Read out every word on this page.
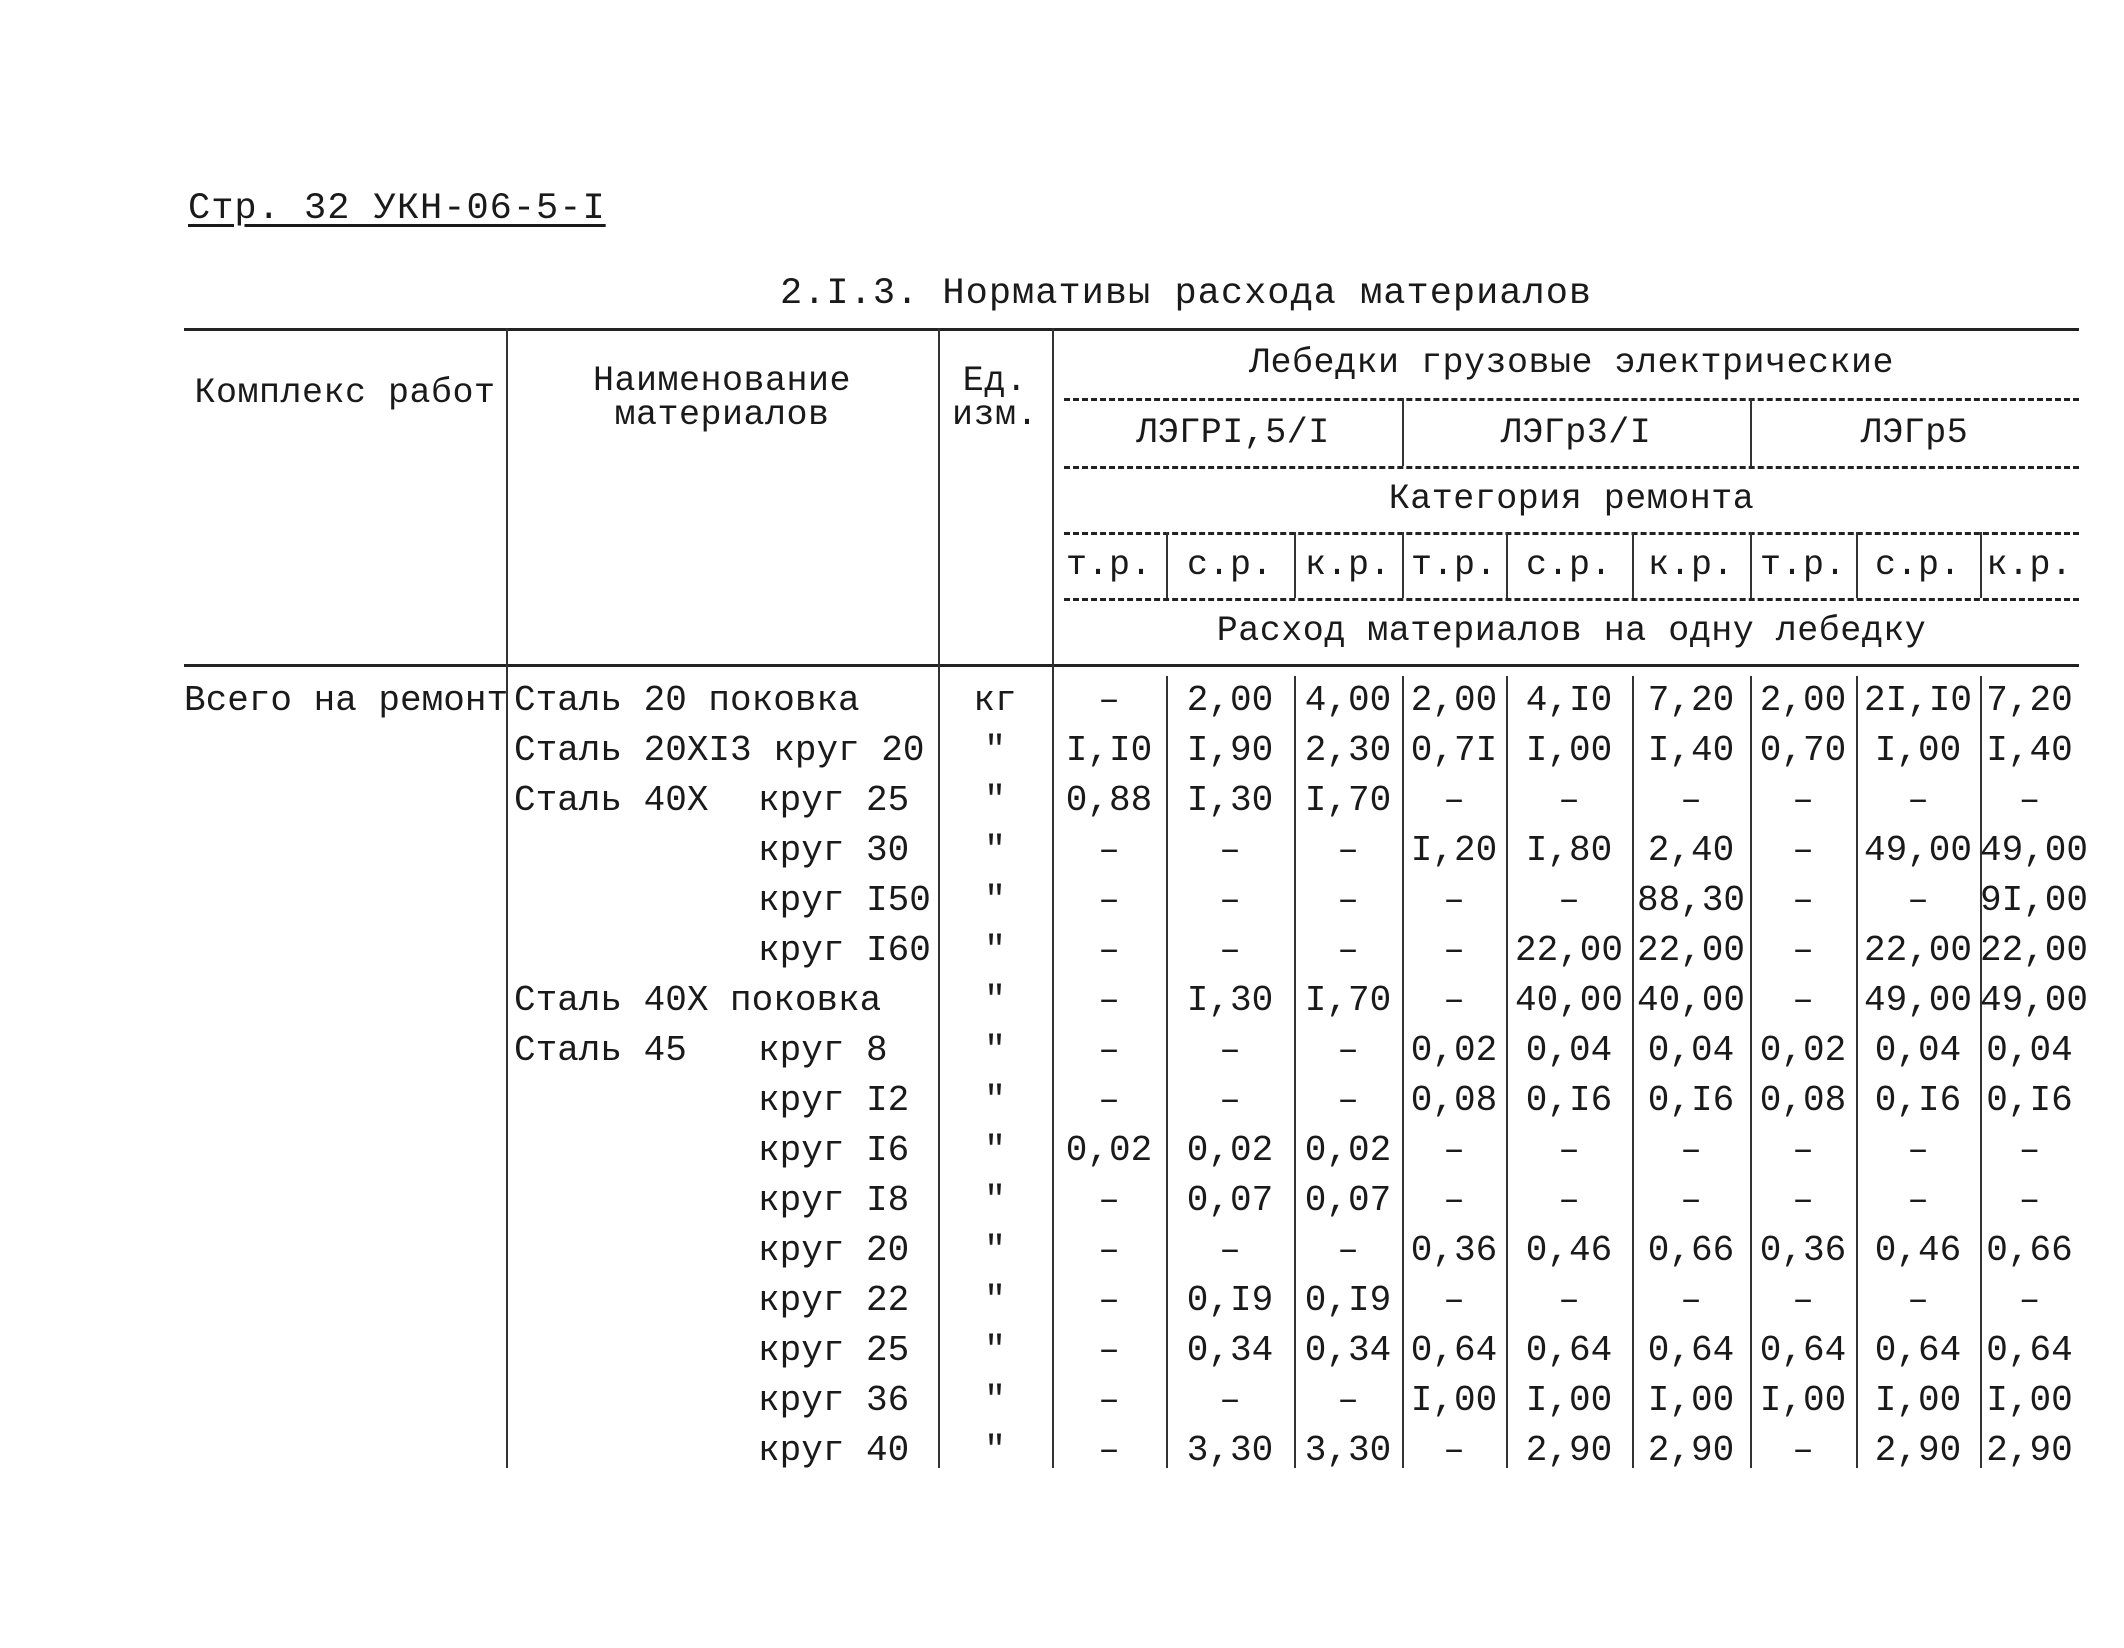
Стр. 32 УКН-06-5-I
2.I.3. Нормативы расхода материалов
Комплекс работ	Наименование
материалов
Ед.
изм.
Лебедки грузовые электрические
ЛЭГРI,5/I	ЛЭГр3/I	ЛЭГр5
Категория ремонта
т.р. с.р. к.р. т.р. с.р.	к.р. т.р. с.р. к.р.
Расход материалов на одну лебедку
Всего на ремонт Сталь 20 поковка	кг	–	2,00 4,00 2,00 4,I0 7,20 2,00 2I,I0 7,20
Сталь 20ХI3 круг 20	"	I,I0 I,90 2,30 0,7I I,00 I,40 0,70 I,00 I,40
Сталь 40Х	круг 25	"	0,88 I,30 I,70	–	–	–	–	–	–
круг 30	"	–	–	–	I,20 I,80 2,40	–	49,00 49,00
круг I50	"	–	–	–	–	–	88,30	–	–	9I,00
круг I60	"	–	–	–	–	22,00 22,00	–	22,00 22,00
Сталь 40Х поковка	"	–	I,30 I,70	–	40,00 40,00	–	49,00 49,00
Сталь 45	круг 8	"	–	–	–	0,02 0,04 0,04 0,02 0,04 0,04
круг I2	"	–	–	–	0,08 0,I6 0,I6 0,08 0,I6 0,I6
круг I6	"	0,02 0,02 0,02	–	–	–	–	–	–
круг I8	"	–	0,07 0,07	–	–	–	–	–	–
круг 20	"	–	–	–	0,36 0,46 0,66 0,36 0,46 0,66
круг 22	"	–	0,I9 0,I9	–	–	–	–	–	–
круг 25	"	–	0,34 0,34 0,64 0,64 0,64 0,64 0,64 0,64
круг 36	"	–	–	–	I,00 I,00 I,00 I,00 I,00 I,00
круг 40	"	–	3,30 3,30	–	2,90 2,90	–	2,90 2,90
